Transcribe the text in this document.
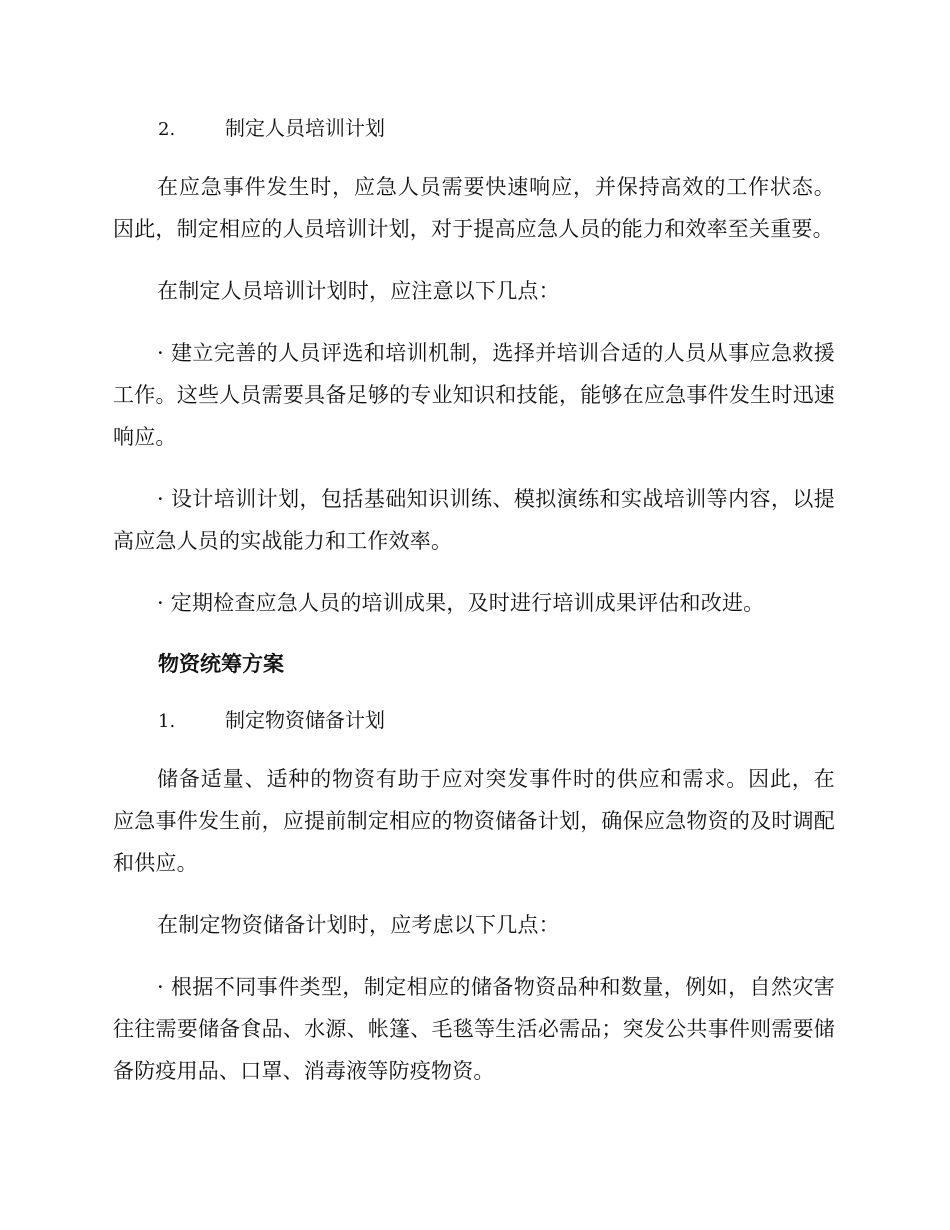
2.	制定人员培训计划

在应急事件发生时，应急人员需要快速响应，并保持高效的工作状态。因此，制定相应的人员培训计划，对于提高应急人员的能力和效率至关重要。

在制定人员培训计划时，应注意以下几点：

· 建立完善的人员评选和培训机制，选择并培训合适的人员从事应急救援工作。这些人员需要具备足够的专业知识和技能，能够在应急事件发生时迅速响应。

· 设计培训计划，包括基础知识训练、模拟演练和实战培训等内容，以提高应急人员的实战能力和工作效率。

· 定期检查应急人员的培训成果，及时进行培训成果评估和改进。

物资统筹方案
1.	制定物资储备计划

储备适量、适种的物资有助于应对突发事件时的供应和需求。因此，在应急事件发生前，应提前制定相应的物资储备计划，确保应急物资的及时调配和供应。

在制定物资储备计划时，应考虑以下几点：

· 根据不同事件类型，制定相应的储备物资品种和数量，例如，自然灾害往往需要储备食品、水源、帐篷、毛毯等生活必需品；突发公共事件则需要储备防疫用品、口罩、消毒液等防疫物资。
